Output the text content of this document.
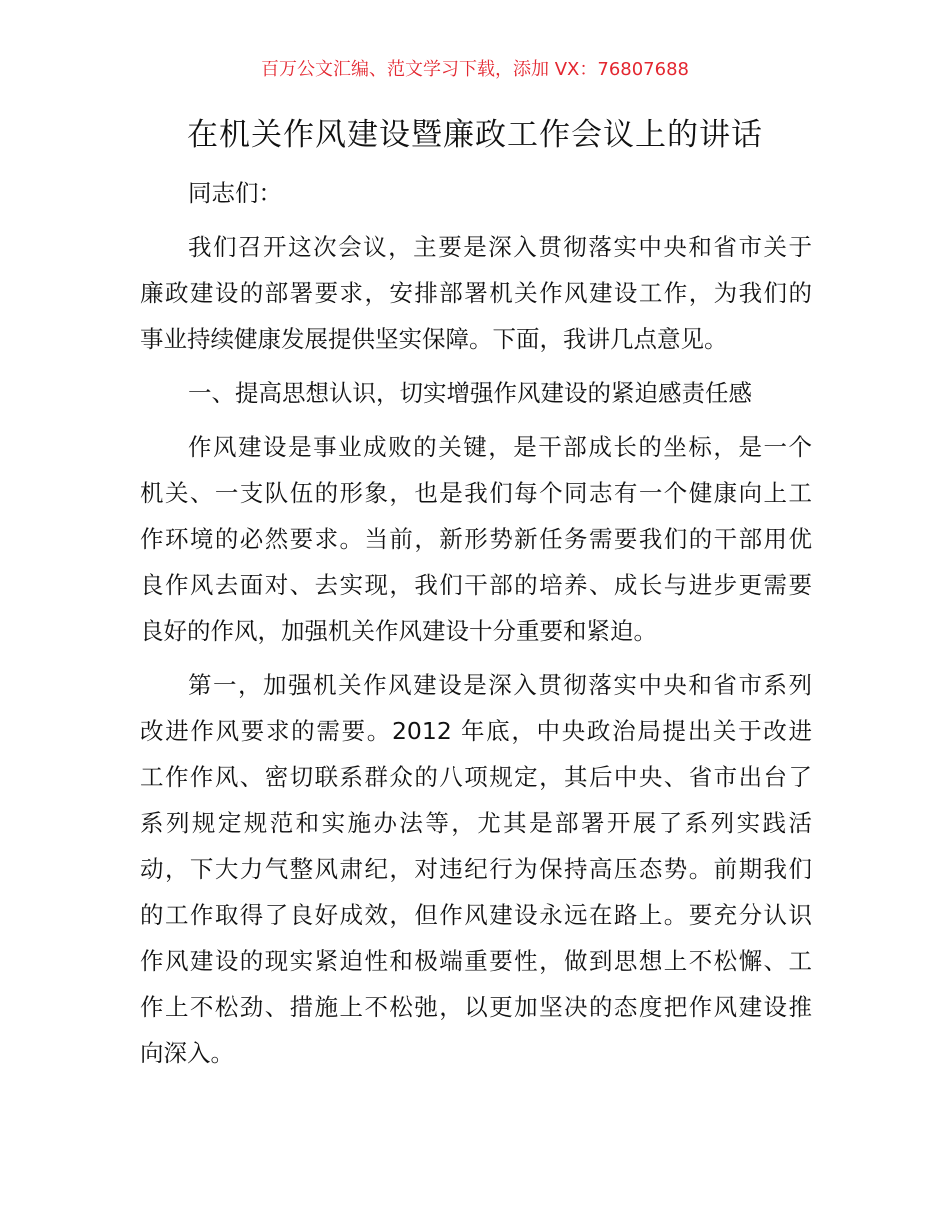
百万公文汇编、范文学习下载，添加 VX：76807688
在机关作风建设暨廉政工作会议上的讲话
同志们：
我们召开这次会议，主要是深入贯彻落实中央和省市关于
廉政建设的部署要求，安排部署机关作风建设工作，为我们的
事业持续健康发展提供坚实保障。下面，我讲几点意见。
一、提高思想认识，切实增强作风建设的紧迫感责任感
作风建设是事业成败的关键，是干部成长的坐标，是一个
机关、一支队伍的形象，也是我们每个同志有一个健康向上工
作环境的必然要求。当前，新形势新任务需要我们的干部用优
良作风去面对、去实现，我们干部的培养、成长与进步更需要
良好的作风，加强机关作风建设十分重要和紧迫。
第一，加强机关作风建设是深入贯彻落实中央和省市系列
改进作风要求的需要。2012 年底，中央政治局提出关于改进
工作作风、密切联系群众的八项规定，其后中央、省市出台了
系列规定规范和实施办法等，尤其是部署开展了系列实践活
动，下大力气整风肃纪，对违纪行为保持高压态势。前期我们
的工作取得了良好成效，但作风建设永远在路上。要充分认识
作风建设的现实紧迫性和极端重要性，做到思想上不松懈、工
作上不松劲、措施上不松弛，以更加坚决的态度把作风建设推
向深入。
